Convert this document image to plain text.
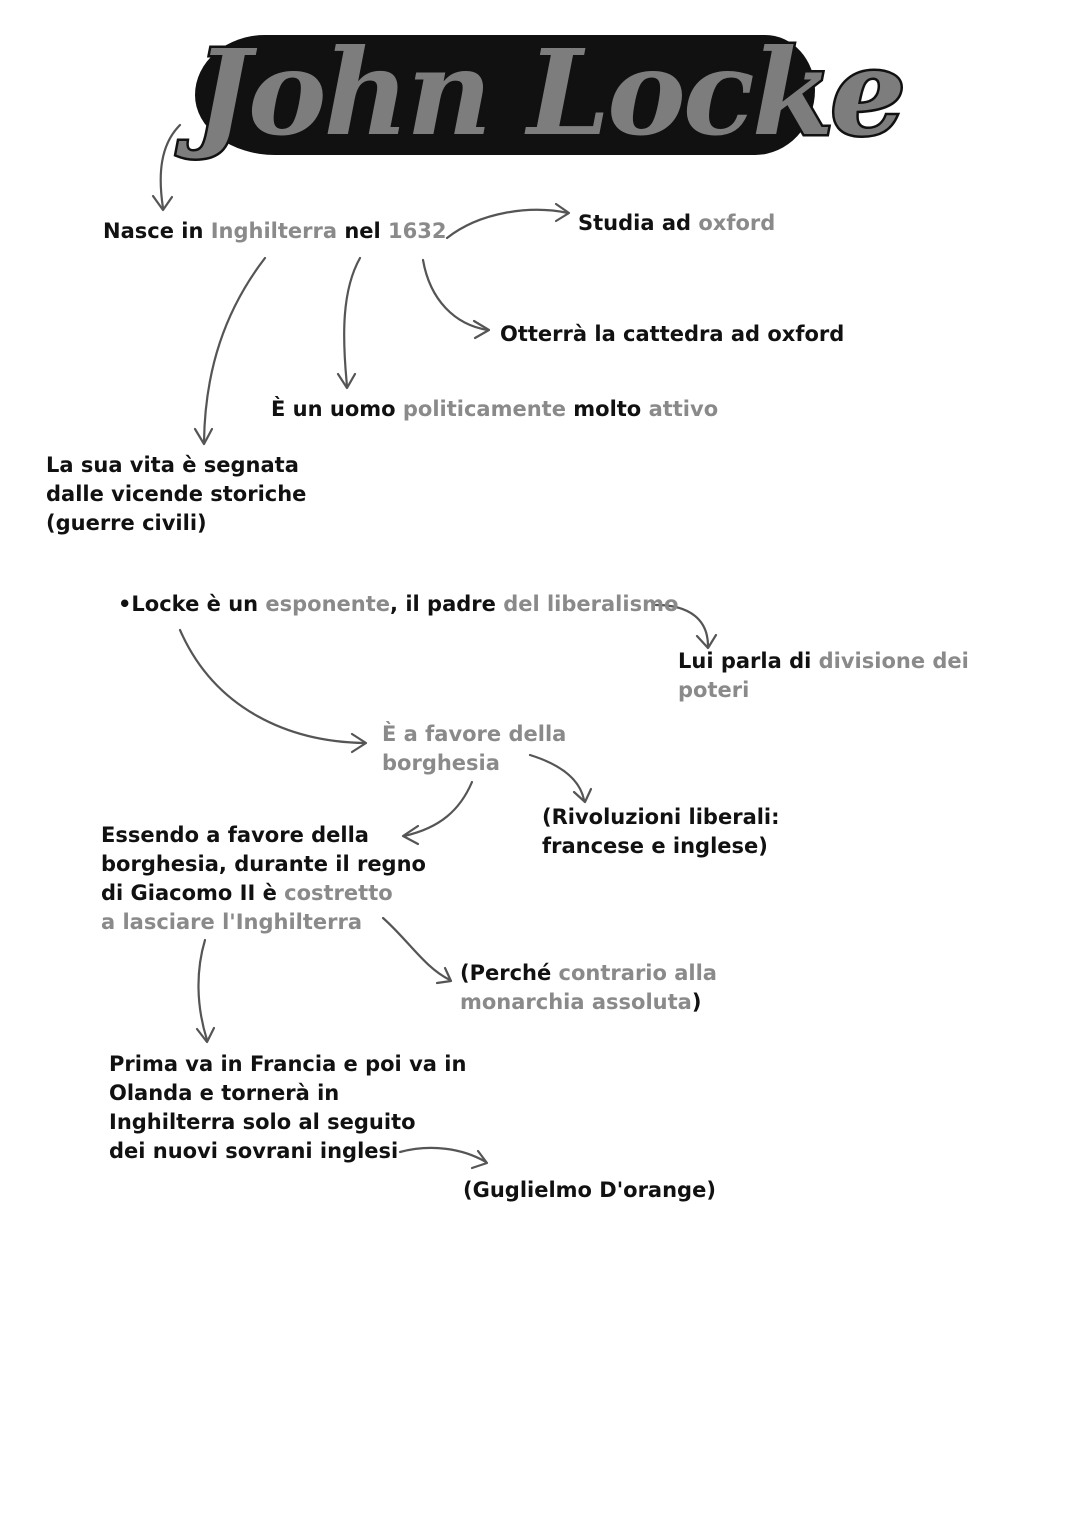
John Locke
Nasce in Inghilterra nel 1632	Studia ad oxford
Otterrà la cattedra ad oxford
È un uomo politicamente molto attivo
La sua vita è segnata
dalle vicende storiche
(guerre civili)
•Locke è un esponente, il padre del liberalismo
Lui parla di divisione dei
poteri
È a favore della
borghesia
(Rivoluzioni liberali:
francese e inglese)
Essendo a favore della
borghesia, durante il regno
di Giacomo II è costretto
a lasciare l'Inghilterra
(Perché contrario alla
monarchia assoluta)
Prima va in Francia e poi va in
Olanda e tornerà in
Inghilterra solo al seguito
dei nuovi sovrani inglesi
(Guglielmo D'orange)
